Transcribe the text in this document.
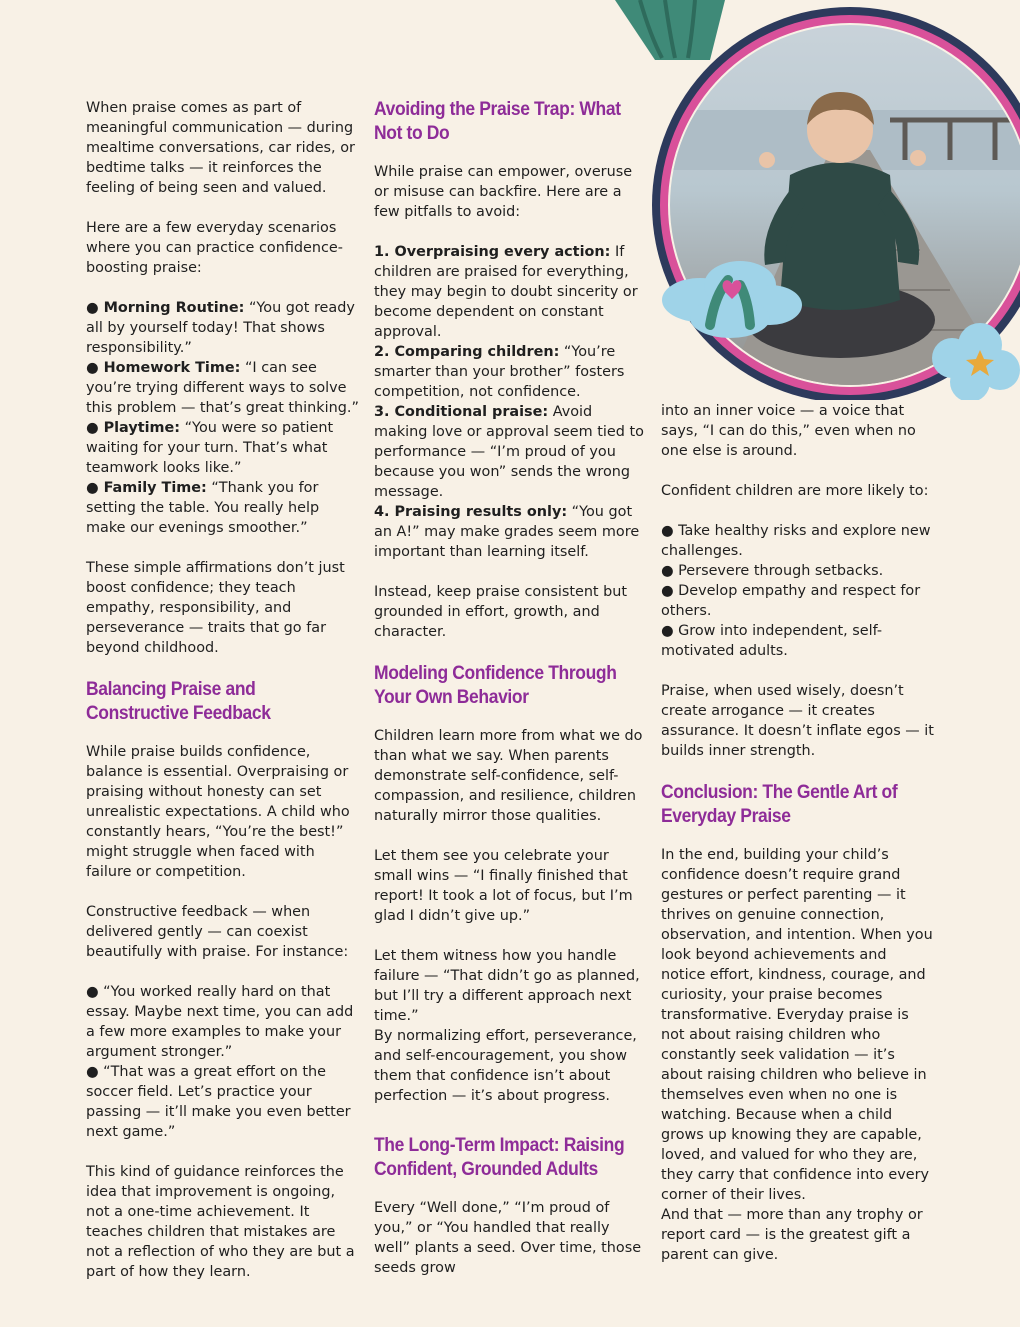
When praise comes as part of meaningful communication — during mealtime conversations, car rides, or bedtime talks — it reinforces the feeling of being seen and valued.

Here are a few everyday scenarios where you can practice confidence-boosting praise:

● Morning Routine: “You got ready all by yourself today! That shows responsibility.”
● Homework Time: “I can see you’re trying different ways to solve this problem — that’s great thinking.”
● Playtime: “You were so patient waiting for your turn. That’s what teamwork looks like.”
● Family Time: “Thank you for setting the table. You really help make our evenings smoother.”

These simple affirmations don’t just boost confidence; they teach empathy, responsibility, and perseverance — traits that go far beyond childhood.

Balancing Praise and Constructive Feedback

While praise builds confidence, balance is essential. Overpraising or praising without honesty can set unrealistic expectations. A child who constantly hears, “You’re the best!” might struggle when faced with failure or competition.

Constructive feedback — when delivered gently — can coexist beautifully with praise. For instance:

● “You worked really hard on that essay. Maybe next time, you can add a few more examples to make your argument stronger.”
● “That was a great effort on the soccer field. Let’s practice your passing — it’ll make you even better next game.”

This kind of guidance reinforces the idea that improvement is ongoing, not a one-time achievement. It teaches children that mistakes are not a reflection of who they are but a part of how they learn.

Avoiding the Praise Trap: What Not to Do

While praise can empower, overuse or misuse can backfire. Here are a few pitfalls to avoid:

1. Overpraising every action: If children are praised for everything, they may begin to doubt sincerity or become dependent on constant approval.
2. Comparing children: “You’re smarter than your brother” fosters competition, not confidence.
3. Conditional praise: Avoid making love or approval seem tied to performance — “I’m proud of you because you won” sends the wrong message.
4. Praising results only: “You got an A!” may make grades seem more important than learning itself.

Instead, keep praise consistent but grounded in effort, growth, and character.

Modeling Confidence Through Your Own Behavior

Children learn more from what we do than what we say. When parents demonstrate self-confidence, self-compassion, and resilience, children naturally mirror those qualities.

Let them see you celebrate your small wins — “I finally finished that report! It took a lot of focus, but I’m glad I didn’t give up.”

Let them witness how you handle failure — “That didn’t go as planned, but I’ll try a different approach next time.”

By normalizing effort, perseverance, and self-encouragement, you show them that confidence isn’t about perfection — it’s about progress.

The Long-Term Impact: Raising Confident, Grounded Adults

Every “Well done,” “I’m proud of you,” or “You handled that really well” plants a seed. Over time, those seeds grow

into an inner voice — a voice that says, “I can do this,” even when no one else is around.

Confident children are more likely to:

● Take healthy risks and explore new challenges.
● Persevere through setbacks.
● Develop empathy and respect for others.
● Grow into independent, self-motivated adults.

Praise, when used wisely, doesn’t create arrogance — it creates assurance. It doesn’t inflate egos — it builds inner strength.

Conclusion: The Gentle Art of Everyday Praise

In the end, building your child’s confidence doesn’t require grand gestures or perfect parenting — it thrives on genuine connection, observation, and intention. When you look beyond achievements and notice effort, kindness, courage, and curiosity, your praise becomes transformative. Everyday praise is not about raising children who constantly seek validation — it’s about raising children who believe in themselves even when no one is watching. Because when a child grows up knowing they are capable, loved, and valued for who they are, they carry that confidence into every corner of their lives.

And that — more than any trophy or report card — is the greatest gift a parent can give.
